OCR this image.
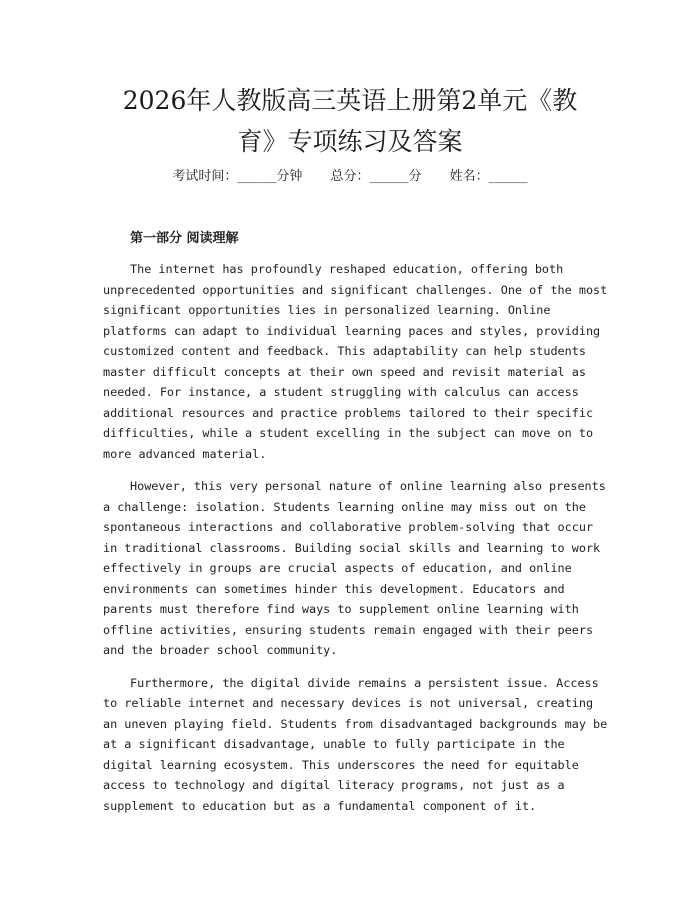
2026年人教版高三英语上册第2单元《教
育》专项练习及答案
考试时间：______分钟 总分：______分 姓名：______
第一部分 阅读理解

The internet has profoundly reshaped education, offering both unprecedented opportunities and significant challenges. One of the most significant opportunities lies in personalized learning. Online platforms can adapt to individual learning paces and styles, providing customized content and feedback. This adaptability can help students master difficult concepts at their own speed and revisit material as needed. For instance, a student struggling with calculus can access additional resources and practice problems tailored to their specific difficulties, while a student excelling in the subject can move on to more advanced material.

However, this very personal nature of online learning also presents a challenge: isolation. Students learning online may miss out on the spontaneous interactions and collaborative problem-solving that occur in traditional classrooms. Building social skills and learning to work effectively in groups are crucial aspects of education, and online environments can sometimes hinder this development. Educators and parents must therefore find ways to supplement online learning with offline activities, ensuring students remain engaged with their peers and the broader school community.

Furthermore, the digital divide remains a persistent issue. Access to reliable internet and necessary devices is not universal, creating an uneven playing field. Students from disadvantaged backgrounds may be at a significant disadvantage, unable to fully participate in the digital learning ecosystem. This underscores the need for equitable access to technology and digital literacy programs, not just as a supplement to education but as a fundamental component of it.
